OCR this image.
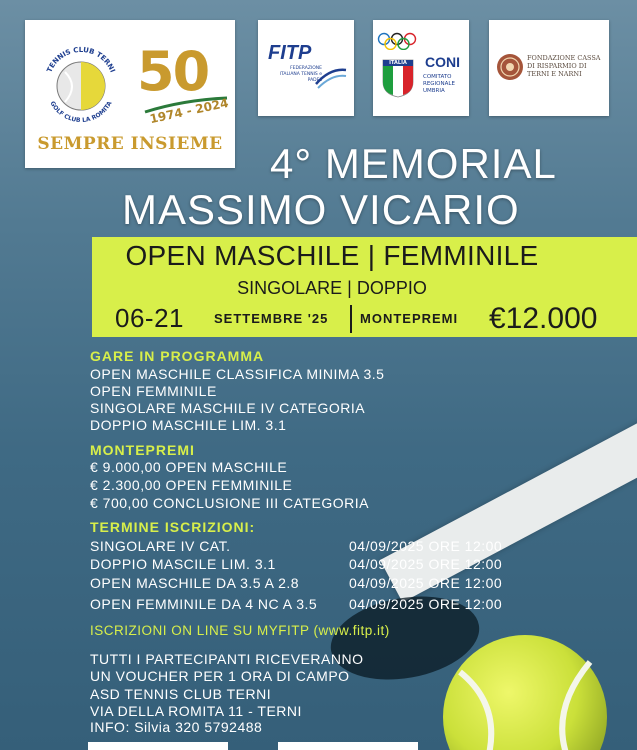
TENNIS CLUB TERNI
GOLF CLUB LA ROMITA
50
1974 - 2024
SEMPRE INSIEME
FITP
FEDERAZIONE ITALIANA TENNIS e PADEL
ITALIA	CONI
COMITATO REGIONALE UMBRIA
FONDAZIONE CASSA DI RISPARMIO DI TERNI E NARNI
4° MEMORIAL
MASSIMO VICARIO
OPEN MASCHILE | FEMMINILE
SINGOLARE | DOPPIO
06-21 SETTEMBRE '25 MONTEPREMI €12.000
GARE IN PROGRAMMA
OPEN MASCHILE CLASSIFICA MINIMA 3.5
OPEN FEMMINILE
SINGOLARE MASCHILE IV CATEGORIA
DOPPIO MASCHILE LIM. 3.1
MONTEPREMI
€ 9.000,00 OPEN MASCHILE
€ 2.300,00 OPEN FEMMINILE
€ 700,00 CONCLUSIONE III CATEGORIA
TERMINE ISCRIZIONI:
SINGOLARE IV CAT.	04/09/2025 ORE 12:00
DOPPIO MASCILE LIM. 3.1	04/09/2025 ORE 12:00
OPEN MASCHILE DA 3.5 A 2.8	04/09/2025 ORE 12:00
OPEN FEMMINILE DA 4 NC A 3.5 04/09/2025 ORE 12:00
ISCRIZIONI ON LINE SU MYFITP (www.fitp.it)
TUTTI I PARTECIPANTI RICEVERANNO
UN VOUCHER PER 1 ORA DI CAMPO
ASD TENNIS CLUB TERNI
VIA DELLA ROMITA 11 - TERNI
INFO: Silvia 320 5792488
